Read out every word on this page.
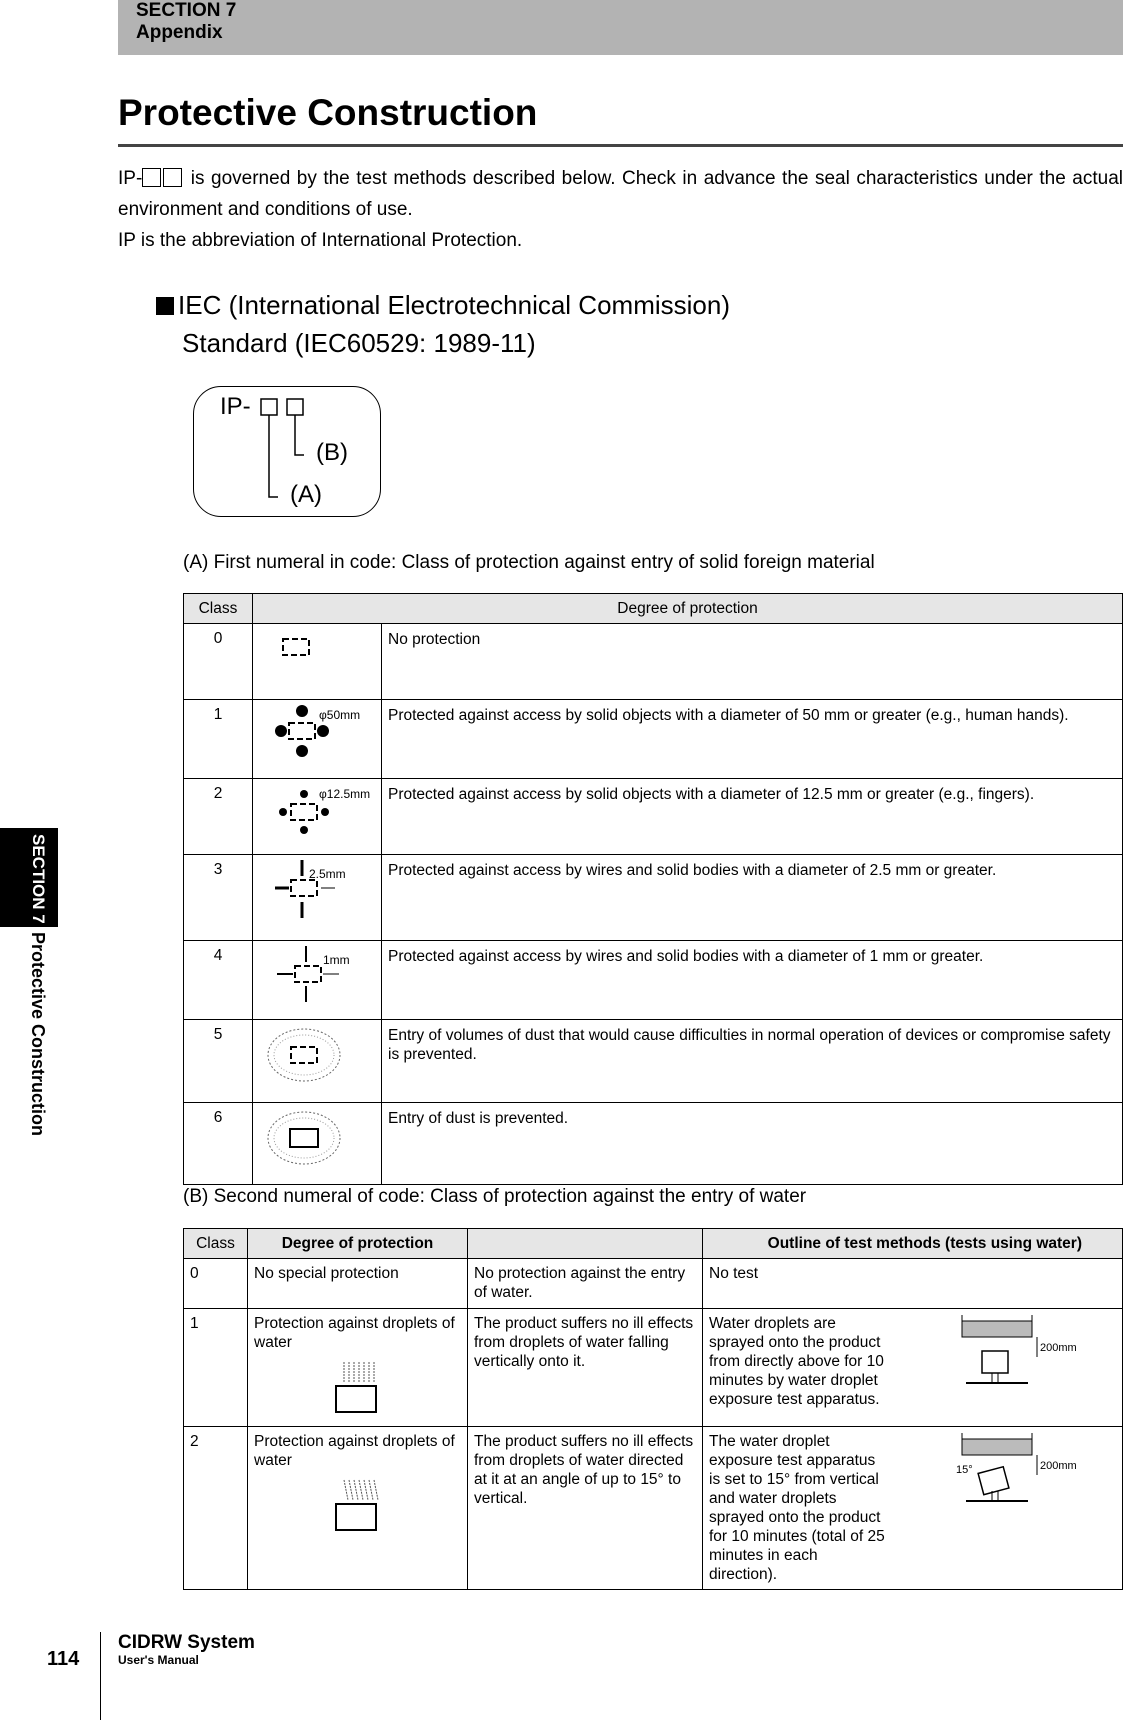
SECTION 7
Appendix
Protective Construction
IP-	is governed by the test methods described below. Check in advance the seal characteristics under the actual environment and conditions of use.
IP is the abbreviation of International Protection.
IEC (International Electrotechnical Commission)
Standard (IEC60529: 1989-11)
IP-
(B)
(A)
(A) First numeral in code: Class of protection against entry of solid foreign material
Class	Degree of protection	
0		No protection
1	φ50mm	Protected against access by solid objects with a diameter of 50 mm or greater (e.g., human hands).
2	φ12.5mm	Protected against access by solid objects with a diameter of 12.5 mm or greater (e.g., fingers).
3	2.5mm	Protected against access by wires and solid bodies with a diameter of 2.5 mm or greater.
4	1mm	Protected against access by wires and solid bodies with a diameter of 1 mm or greater.
5		Entry of volumes of dust that would cause difficulties in normal operation of devices or compromise safety is prevented.
6		Entry of dust is prevented.
(B) Second numeral of code: Class of protection against the entry of water
Class	Degree of protection		Outline of test methods (tests using water)
0	No special protection	No protection against the entry of water.	No test

1	Protection against droplets of water	The product suffers no ill effects from droplets of water falling vertically onto it.	Water droplets are sprayed onto the product from directly above for 10 minutes by water droplet exposure test apparatus.
200mm

2	Protection against droplets of water	The product suffers no ill effects from droplets of water directed at it at an angle of up to 15° to vertical.	The water droplet exposure test apparatus is set to 15° from vertical and water droplets sprayed onto the product for 10 minutes (total of 25 minutes in each direction).
200mm
15°
SECTION 7
Protective Construction
114
CIDRW System
User's Manual
